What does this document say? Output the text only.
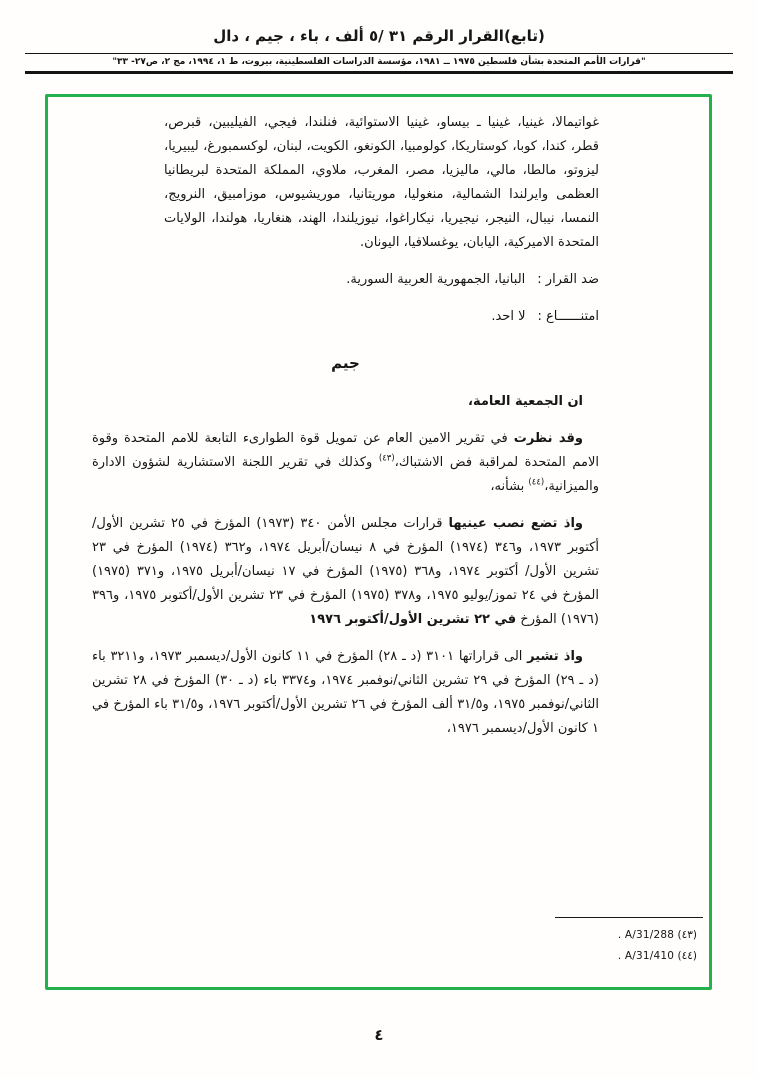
(تابع)القرار الرقم ٣١ /٥ ألف ، باء ، جيم ، دال
"قرارات الأمم المتحدة بشأن فلسطين ١٩٧٥ ــ ١٩٨١، مؤسسة الدراسات الفلسطينية، بيروت، ط ١، ١٩٩٤، مج ٢، ص٢٧- ٣٣"

غواتيمالا، غينيا، غينيا ـ بيساو، غينيا الاستوائية، فنلندا، فيجي، الفيليبين، قبرص، قطر، كندا، كوبا، كوستاريكا، كولومبيا، الكونغو، الكويت، لبنان، لوكسمبورغ، ليبيريا، ليزوتو، مالطا، مالي، ماليزيا، مصر، المغرب، ملاوي، المملكة المتحدة لبريطانيا العظمى وايرلندا الشمالية، منغوليا، موريتانيا، موريشيوس، موزامبيق، النرويج، النمسا، نيبال، النيجر، نيجيريا، نيكاراغوا، نيوزيلندا، الهند، هنغاريا، هولندا، الولايات المتحدة الاميركية، اليابان، يوغسلافيا، اليونان.

ضد القرار :
البانيا، الجمهورية العربية السورية.
امتنــــــاع :
لا احد.
جيم

ان الجمعية العامة،

وقد نظرت في تقرير الامين العام عن تمويل قوة الطوارىء التابعة للامم المتحدة وقوة الامم المتحدة لمراقبة فض الاشتباك،$^{(٤٣)}$ وكذلك في تقرير اللجنة الاستشارية لشؤون الادارة والميزانية،$^{(٤٤)}$ بشأنه،

واذ تضع نصب عينيها قرارات مجلس الأمن ٣٤٠ (١٩٧٣) المؤرخ في ٢٥ تشرين الأول/أكتوبر ١٩٧٣، و٣٤٦ (١٩٧٤) المؤرخ في ٨ نيسان/أبريل ١٩٧٤، و٣٦٢ (١٩٧٤) المؤرخ في ٢٣ تشرين الأول/ أكتوبر ١٩٧٤، و٣٦٨ (١٩٧٥) المؤرخ في ١٧ نيسان/أبريل ١٩٧٥، و٣٧١ (١٩٧٥) المؤرخ في ٢٤ تموز/يوليو ١٩٧٥، و٣٧٨ (١٩٧٥) المؤرخ في ٢٣ تشرين الأول/أكتوبر ١٩٧٥، و٣٩٦ (١٩٧٦) المؤرخ في ٢٢ تشرين الأول/أكتوبر ١٩٧٦

واذ تشير الى قراراتها ٣١٠١ (د ـ ٢٨) المؤرخ في ١١ كانون الأول/ديسمبر ١٩٧٣، و٣٢١١ باء (د ـ ٢٩) المؤرخ في ٢٩ تشرين الثاني/نوفمبر ١٩٧٤، و٣٣٧٤ باء (د ـ ٣٠) المؤرخ في ٢٨ تشرين الثاني/نوفمبر ١٩٧٥، و٣١/٥ ألف المؤرخ في ٢٦ تشرين الأول/أكتوبر ١٩٧٦، و٣١/٥ باء المؤرخ في ١ كانون الأول/ديسمبر ١٩٧٦،

(٤٣) A/31/288 .
(٤٤) A/31/410 .
٤
